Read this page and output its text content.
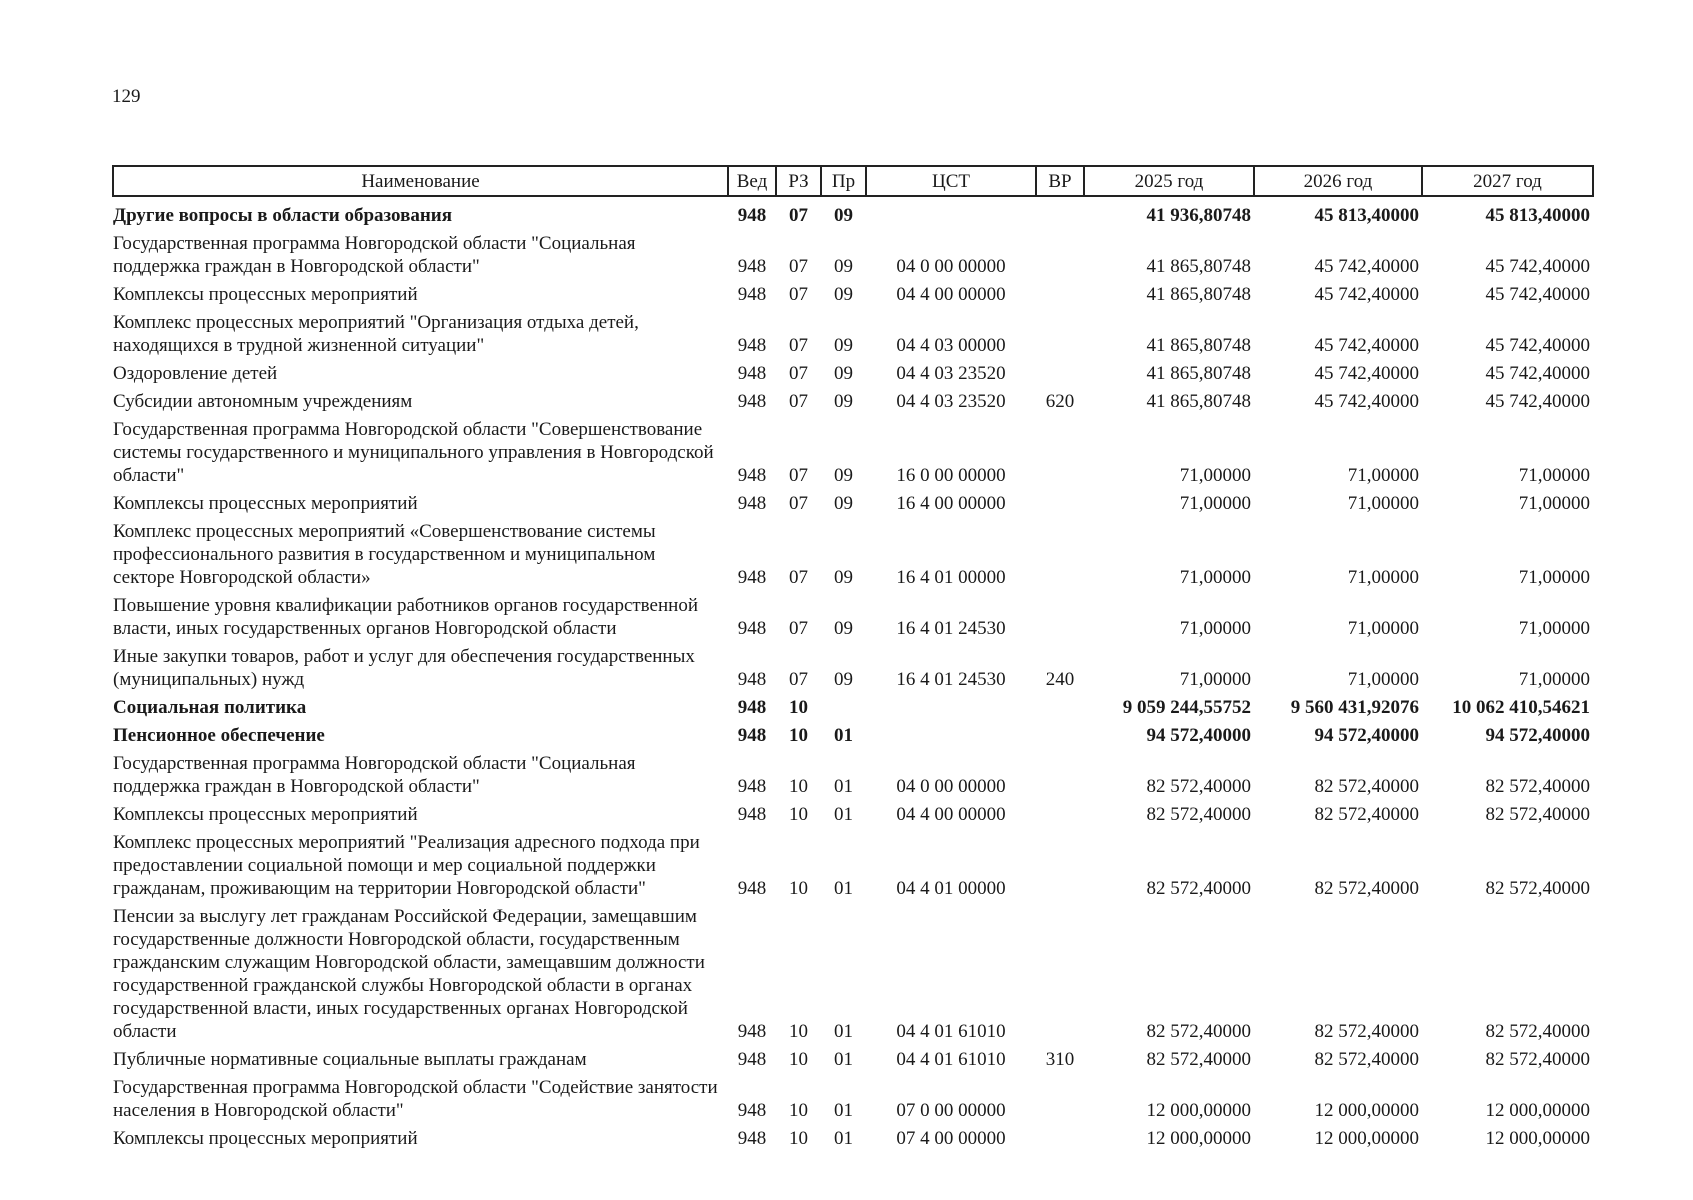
129
Наименование	Вед	РЗ	Пр	ЦСТ	ВР	2025 год	2026 год	2027 год
Другие вопросы в области образования	948	07	09			41 936,80748	45 813,40000	45 813,40000
Государственная программа Новгородской области "Социальная поддержка граждан в Новгородской области"	948	07	09	04 0 00 00000		41 865,80748	45 742,40000	45 742,40000
Комплексы процессных мероприятий	948	07	09	04 4 00 00000		41 865,80748	45 742,40000	45 742,40000
Комплекс процессных мероприятий "Организация отдыха детей, находящихся в трудной жизненной ситуации"	948	07	09	04 4 03 00000		41 865,80748	45 742,40000	45 742,40000
Оздоровление детей	948	07	09	04 4 03 23520		41 865,80748	45 742,40000	45 742,40000
Субсидии автономным учреждениям	948	07	09	04 4 03 23520	620	41 865,80748	45 742,40000	45 742,40000
Государственная программа Новгородской области "Совершенствование системы государственного и муниципального управления в Новгородской области"	948	07	09	16 0 00 00000		71,00000	71,00000	71,00000
Комплексы процессных мероприятий	948	07	09	16 4 00 00000		71,00000	71,00000	71,00000
Комплекс процессных мероприятий «Совершенствование системы профессионального развития в государственном и муниципальном секторе Новгородской области»	948	07	09	16 4 01 00000		71,00000	71,00000	71,00000
Повышение уровня квалификации работников органов государственной власти, иных государственных органов Новгородской области	948	07	09	16 4 01 24530		71,00000	71,00000	71,00000
Иные закупки товаров, работ и услуг для обеспечения государственных (муниципальных) нужд	948	07	09	16 4 01 24530	240	71,00000	71,00000	71,00000
Социальная политика	948	10				9 059 244,55752	9 560 431,92076	10 062 410,54621
Пенсионное обеспечение	948	10	01			94 572,40000	94 572,40000	94 572,40000
Государственная программа Новгородской области "Социальная поддержка граждан в Новгородской области"	948	10	01	04 0 00 00000		82 572,40000	82 572,40000	82 572,40000
Комплексы процессных мероприятий	948	10	01	04 4 00 00000		82 572,40000	82 572,40000	82 572,40000
Комплекс процессных мероприятий "Реализация адресного подхода при предоставлении социальной помощи и мер социальной поддержки гражданам, проживающим на территории Новгородской области"	948	10	01	04 4 01 00000		82 572,40000	82 572,40000	82 572,40000
Пенсии за выслугу лет гражданам Российской Федерации, замещавшим государственные должности Новгородской области, государственным гражданским служащим Новгородской области, замещавшим должности государственной гражданской службы Новгородской области в органах государственной власти, иных государственных органах Новгородской области	948	10	01	04 4 01 61010		82 572,40000	82 572,40000	82 572,40000
Публичные нормативные социальные выплаты гражданам	948	10	01	04 4 01 61010	310	82 572,40000	82 572,40000	82 572,40000
Государственная программа Новгородской области "Содействие занятости населения в Новгородской области"	948	10	01	07 0 00 00000		12 000,00000	12 000,00000	12 000,00000
Комплексы процессных мероприятий	948	10	01	07 4 00 00000		12 000,00000	12 000,00000	12 000,00000
